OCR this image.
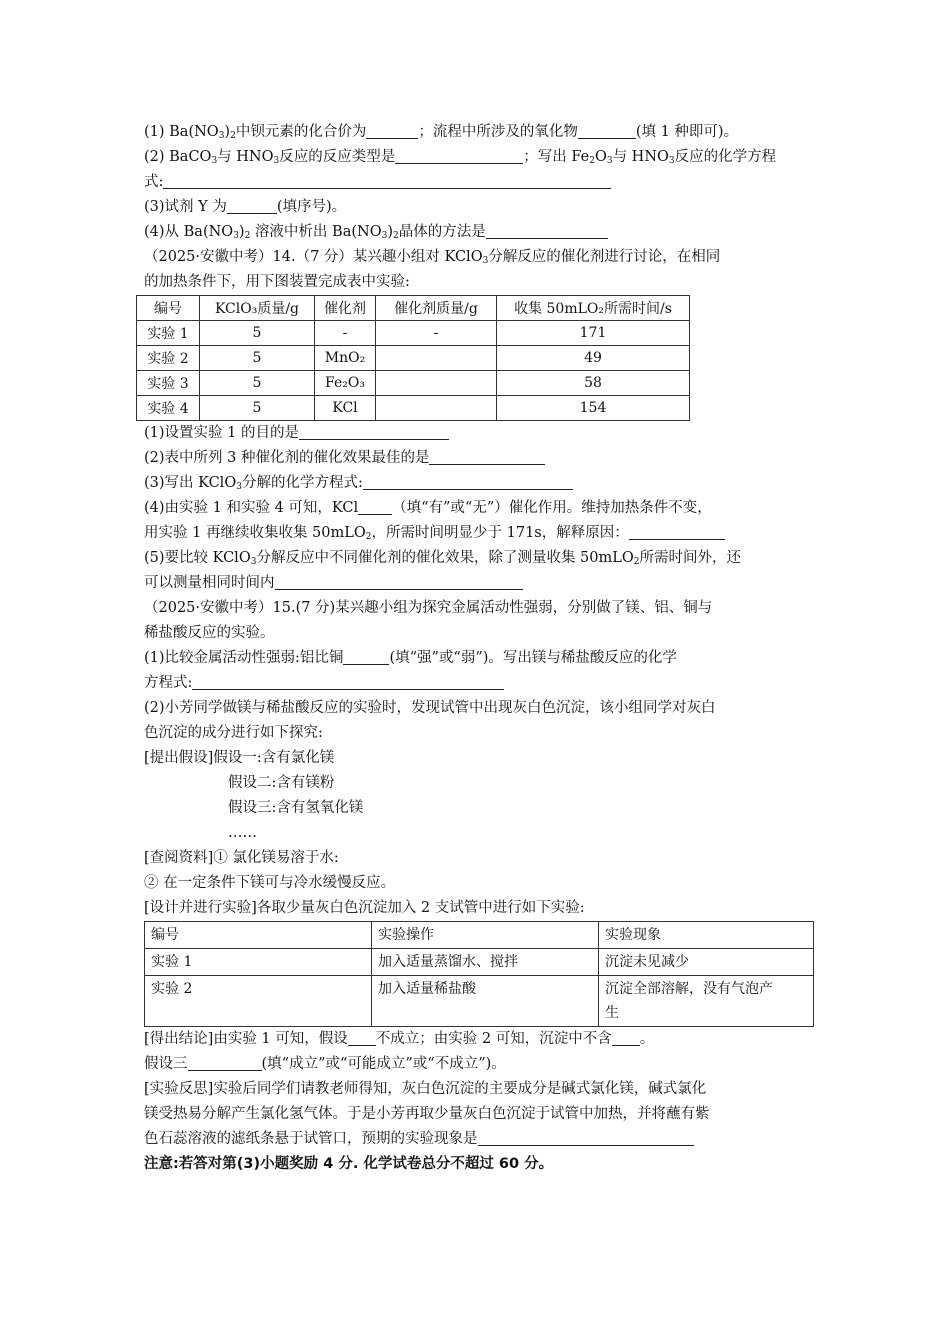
(1) $Ba(NO_3)_2$中钡元素的化合价为	；流程中所涉及的氧化物	(填 1 种即可)。
(2) BaCO$_3$与 $HNO_3$反应的反应类型是	；写出 $Fe_2O_3$与 $HNO_3$反应的化学方程
式:
(3)试剂 Y 为	(填序号)。
(4)从 $Ba(NO_3)_2$ 溶液中析出 $Ba(NO_3)_2$晶体的方法是
（2025·安徽中考）14.（7 分）某兴趣小组对 KClO$_3$分解反应的催化剂进行讨论，在相同
的加热条件下，用下图装置完成表中实验:
编号	KClO₃质量/g	催化剂	催化剂质量/g	收集 50mLO₂所需时间/s
实验 1	5	-	-	171
实验 2	5	MnO₂		49
实验 3	5	Fe₂O₃		58
实验 4	5	KCl		154
(1)设置实验 1 的目的是
(2)表中所列 3 种催化剂的催化效果最佳的是
(3)写出 KClO$_3$分解的化学方程式:
(4)由实验 1 和实验 4 可知，KCl （填“有”或“无”）催化作用。维持加热条件不变，
用实验 1 再继续收集收集 50mLO$_2$，所需时间明显少于 171s，解释原因：
(5)要比较 KClO$_3$分解反应中不同催化剂的催化效果，除了测量收集 50mLO$_2$所需时间外，还
可以测量相同时间内
（2025·安徽中考）15.(7 分)某兴趣小组为探究金属活动性强弱，分别做了镁、铝、铜与
稀盐酸反应的实验。
(1)比较金属活动性强弱:铝比铜	(填“强”或“弱”)。写出镁与稀盐酸反应的化学
方程式:
(2)小芳同学做镁与稀盐酸反应的实验时，发现试管中出现灰白色沉淀，该小组同学对灰白
色沉淀的成分进行如下探究:
[提出假设]假设一:含有氯化镁
假设二:含有镁粉
假设三:含有氢氧化镁
……
[查阅资料]① 氯化镁易溶于水:
② 在一定条件下镁可与冷水缓慢反应。
[设计并进行实验]各取少量灰白色沉淀加入 2 支试管中进行如下实验:
编号	实验操作	实验现象
实验 1	加入适量蒸馏水、搅拌	沉淀未见减少
实验 2	加入适量稀盐酸	沉淀全部溶解，没有气泡产
生
[得出结论]由实验 1 可知，假设 不成立；由实验 2 可知，沉淀中不含 。
假设三	(填“成立”或“可能成立”或“不成立”)。
[实验反思]实验后同学们请教老师得知，灰白色沉淀的主要成分是碱式氯化镁，碱式氯化
镁受热易分解产生氯化氢气体。于是小芳再取少量灰白色沉淀于试管中加热，并将蘸有紫
色石蕊溶液的滤纸条悬于试管口，预期的实验现象是
注意:若答对第(3)小题奖励 4 分. 化学试卷总分不超过 60 分。
